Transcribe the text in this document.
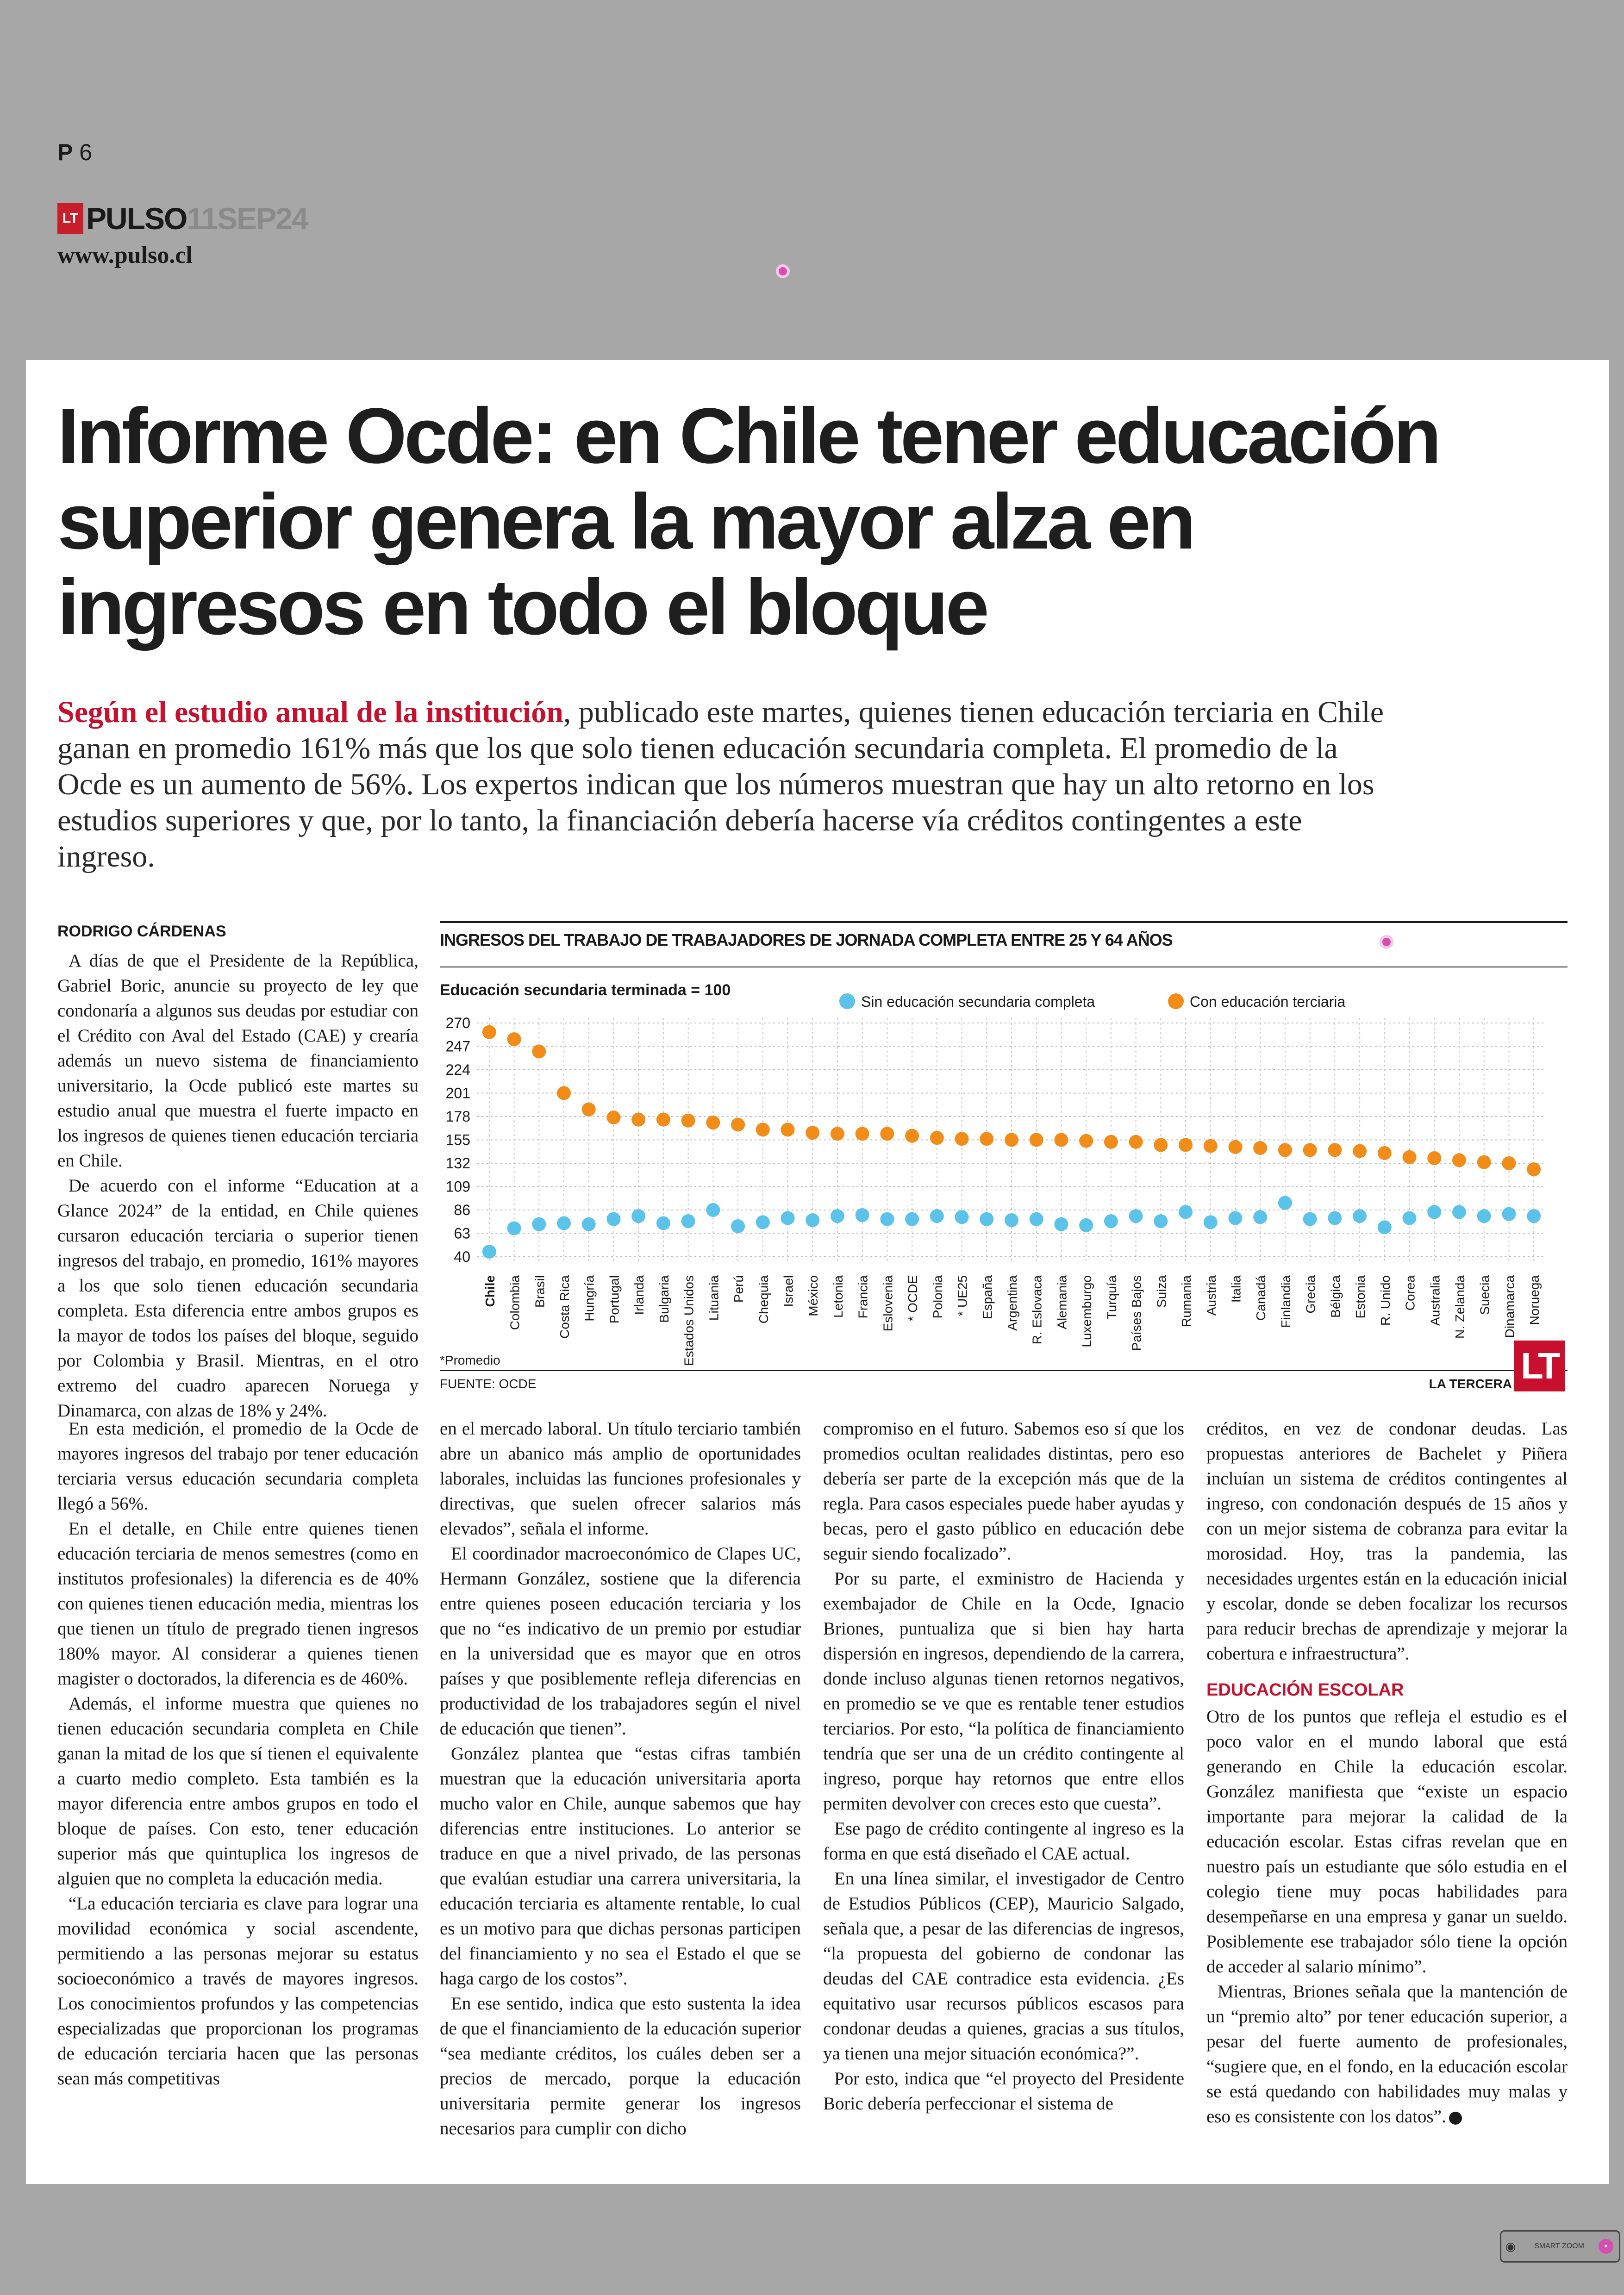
P 6
LT PULSO 11SEP24
www.pulso.cl
Informe Ocde: en Chile tener educación superior genera la mayor alza en ingresos en todo el bloque
Según el estudio anual de la institución, publicado este martes, quienes tienen educación terciaria en Chile ganan en promedio 161% más que los que solo tienen educación secundaria completa. El promedio de la Ocde es un aumento de 56%. Los expertos indican que los números muestran que hay un alto retorno en los estudios superiores y que, por lo tanto, la financiación debería hacerse vía créditos contingentes a este ingreso.
RODRIGO CÁRDENAS

A días de que el Presidente de la República, Gabriel Boric, anuncie su proyecto de ley que condonaría a algunos sus deudas por estudiar con el Crédito con Aval del Estado (CAE) y crearía además un nuevo sistema de financiamiento universitario, la Ocde publicó este martes su estudio anual que muestra el fuerte impacto en los ingresos de quienes tienen educación terciaria en Chile.

De acuerdo con el informe “Education at a Glance 2024” de la entidad, en Chile quienes cursaron educación terciaria o superior tienen ingresos del trabajo, en promedio, 161% mayores a los que solo tienen educación secundaria completa. Esta diferencia entre ambos grupos es la mayor de todos los países del bloque, seguido por Colombia y Brasil. Mientras, en el otro extremo del cuadro aparecen Noruega y Dinamarca, con alzas de 18% y 24%.

INGRESOS DEL TRABAJO DE TRABAJADORES DE JORNADA COMPLETA ENTRE 25 Y 64 AÑOS
Educación secundaria terminada = 100
Sin educación secundaria completa	Con educación terciaria
40
63
86
109
132
155
178
201
224
247
270
Chile Colombia Brasil Costa Rica Hungría Portugal Irlanda Bulgaria Estados Unidos Lituania Perú Chequia Israel México Letonia Francia Eslovenia * OCDE Polonia * UE25 España Argentina R. Eslovaca Alemania Luxemburgo Turquía Países Bajos Suiza Rumania Austria Italia Canadá Finlandia Grecia Bélgica Estonia R. Unido Corea Australia N. Zelanda Suecia Dinamarca Noruega
*Promedio
FUENTE: OCDE	LA TERCERA LT

En esta medición, el promedio de la Ocde de mayores ingresos del trabajo por tener educación terciaria versus educación secundaria completa llegó a 56%.

En el detalle, en Chile entre quienes tienen educación terciaria de menos semestres (como en institutos profesionales) la diferencia es de 40% con quienes tienen educación media, mientras los que tienen un título de pregrado tienen ingresos 180% mayor. Al considerar a quienes tienen magister o doctorados, la diferencia es de 460%.

Además, el informe muestra que quienes no tienen educación secundaria completa en Chile ganan la mitad de los que sí tienen el equivalente a cuarto medio completo. Esta también es la mayor diferencia entre ambos grupos en todo el bloque de países. Con esto, tener educación superior más que quintuplica los ingresos de alguien que no completa la educación media.

“La educación terciaria es clave para lograr una movilidad económica y social ascendente, permitiendo a las personas mejorar su estatus socioeconómico a través de mayores ingresos. Los conocimientos profundos y las competencias especializadas que proporcionan los programas de educación terciaria hacen que las personas sean más competitivas

en el mercado laboral. Un título terciario también abre un abanico más amplio de oportunidades laborales, incluidas las funciones profesionales y directivas, que suelen ofrecer salarios más elevados”, señala el informe.

El coordinador macroeconómico de Clapes UC, Hermann González, sostiene que la diferencia entre quienes poseen educación terciaria y los que no “es indicativo de un premio por estudiar en la universidad que es mayor que en otros países y que posiblemente refleja diferencias en productividad de los trabajadores según el nivel de educación que tienen”.

González plantea que “estas cifras también muestran que la educación universitaria aporta mucho valor en Chile, aunque sabemos que hay diferencias entre instituciones. Lo anterior se traduce en que a nivel privado, de las personas que evalúan estudiar una carrera universitaria, la educación terciaria es altamente rentable, lo cual es un motivo para que dichas personas participen del financiamiento y no sea el Estado el que se haga cargo de los costos”.

En ese sentido, indica que esto sustenta la idea de que el financiamiento de la educación superior “sea mediante créditos, los cuáles deben ser a precios de mercado, porque la educación universitaria permite generar los ingresos necesarios para cumplir con dicho

compromiso en el futuro. Sabemos eso sí que los promedios ocultan realidades distintas, pero eso debería ser parte de la excepción más que de la regla. Para casos especiales puede haber ayudas y becas, pero el gasto público en educación debe seguir siendo focalizado”.

Por su parte, el exministro de Hacienda y exembajador de Chile en la Ocde, Ignacio Briones, puntualiza que si bien hay harta dispersión en ingresos, dependiendo de la carrera, donde incluso algunas tienen retornos negativos, en promedio se ve que es rentable tener estudios terciarios. Por esto, “la política de financiamiento tendría que ser una de un crédito contingente al ingreso, porque hay retornos que entre ellos permiten devolver con creces esto que cuesta”.

Ese pago de crédito contingente al ingreso es la forma en que está diseñado el CAE actual.

En una línea similar, el investigador de Centro de Estudios Públicos (CEP), Mauricio Salgado, señala que, a pesar de las diferencias de ingresos, “la propuesta del gobierno de condonar las deudas del CAE contradice esta evidencia. ¿Es equitativo usar recursos públicos escasos para condonar deudas a quienes, gracias a sus títulos, ya tienen una mejor situación económica?”.

Por esto, indica que “el proyecto del Presidente Boric debería perfeccionar el sistema de

créditos, en vez de condonar deudas. Las propuestas anteriores de Bachelet y Piñera incluían un sistema de créditos contingentes al ingreso, con condonación después de 15 años y con un mejor sistema de cobranza para evitar la morosidad. Hoy, tras la pandemia, las necesidades urgentes están en la educación inicial y escolar, donde se deben focalizar los recursos para reducir brechas de aprendizaje y mejorar la cobertura e infraestructura”.

EDUCACIÓN ESCOLAR

Otro de los puntos que refleja el estudio es el poco valor en el mundo laboral que está generando en Chile la educación escolar. González manifiesta que “existe un espacio importante para mejorar la calidad de la educación escolar. Estas cifras revelan que en nuestro país un estudiante que sólo estudia en el colegio tiene muy pocas habilidades para desempeñarse en una empresa y ganar un sueldo. Posiblemente ese trabajador sólo tiene la opción de acceder al salario mínimo”.

Mientras, Briones señala que la mantención de un “premio alto” por tener educación superior, a pesar del fuerte aumento de profesionales, “sugiere que, en el fondo, en la educación escolar se está quedando con habilidades muy malas y eso es consistente con los datos”.

◉	SMART ZOOM	•
